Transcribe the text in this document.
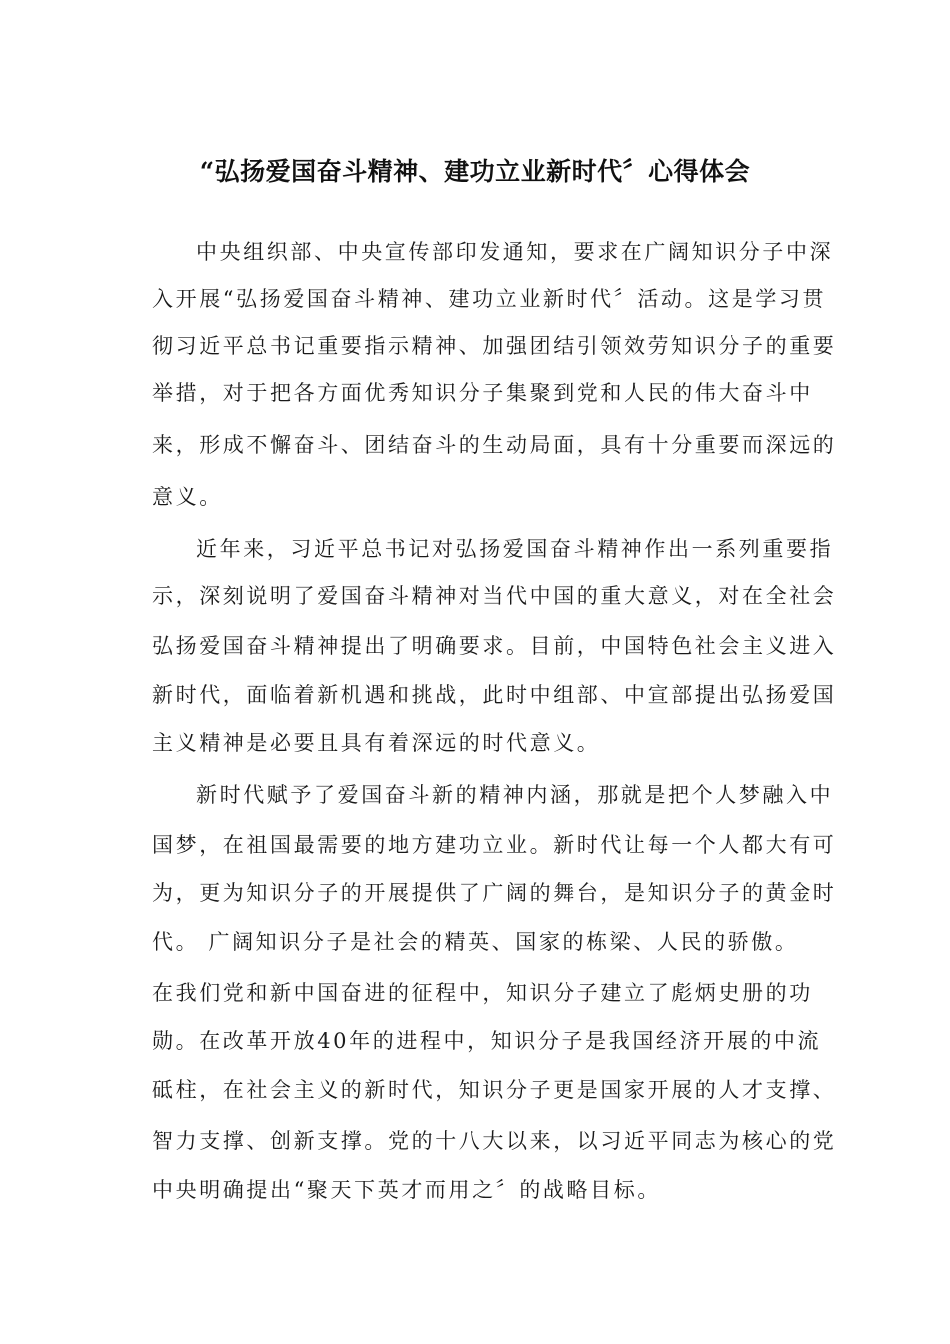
“弘扬爱国奋斗精神、建功立业新时代〞心得体会
中央组织部、中央宣传部印发通知，要求在广阔知识分子中深
入开展“弘扬爱国奋斗精神、建功立业新时代〞活动。这是学习贯
彻习近平总书记重要指示精神、加强团结引领效劳知识分子的重要
举措，对于把各方面优秀知识分子集聚到党和人民的伟大奋斗中
来，形成不懈奋斗、团结奋斗的生动局面，具有十分重要而深远的
意义。
近年来，习近平总书记对弘扬爱国奋斗精神作出一系列重要指
示，深刻说明了爱国奋斗精神对当代中国的重大意义，对在全社会
弘扬爱国奋斗精神提出了明确要求。目前，中国特色社会主义进入
新时代，面临着新机遇和挑战，此时中组部、中宣部提出弘扬爱国
主义精神是必要且具有着深远的时代意义。
新时代赋予了爱国奋斗新的精神内涵，那就是把个人梦融入中
国梦，在祖国最需要的地方建功立业。新时代让每一个人都大有可
为，更为知识分子的开展提供了广阔的舞台，是知识分子的黄金时
代。 广阔知识分子是社会的精英、国家的栋梁、人民的骄傲。
在我们党和新中国奋进的征程中，知识分子建立了彪炳史册的功
勋。在改革开放40年的进程中，知识分子是我国经济开展的中流
砥柱，在社会主义的新时代，知识分子更是国家开展的人才支撑、
智力支撑、创新支撑。党的十八大以来，以习近平同志为核心的党
中央明确提出“聚天下英才而用之〞的战略目标。
